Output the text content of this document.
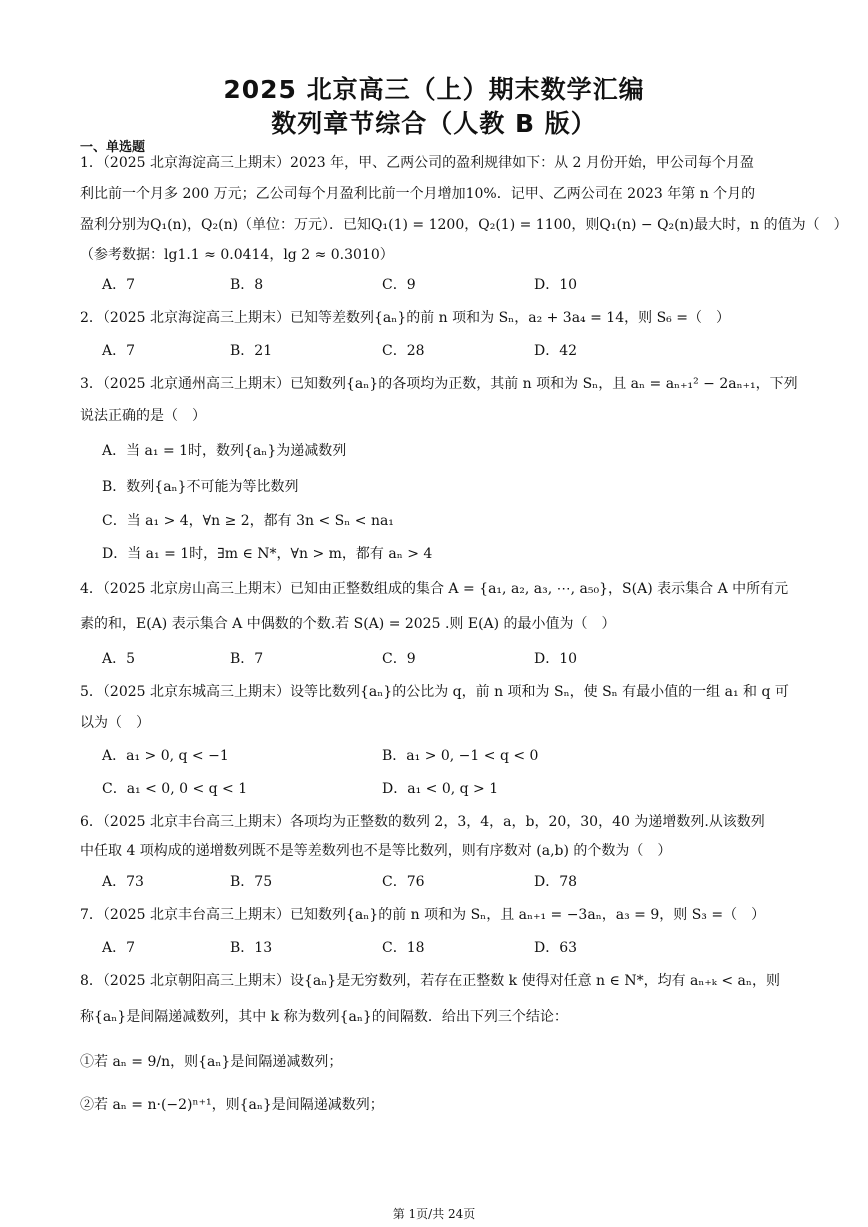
2025 北京高三（上）期末数学汇编
数列章节综合（人教 B 版）
一、单选题
1．（2025 北京海淀高三上期末）2023 年，甲、乙两公司的盈利规律如下：从 2 月份开始，甲公司每个月盈
利比前一个月多 200 万元；乙公司每个月盈利比前一个月增加10%．记甲、乙两公司在 2023 年第 n 个月的
盈利分别为Q₁(n)，Q₂(n)（单位：万元）．已知Q₁(1) = 1200，Q₂(1) = 1100，则Q₁(n) − Q₂(n)最大时，n 的值为（　）
（参考数据：lg1.1 ≈ 0.0414，lg 2 ≈ 0.3010）
A．7	B．8	C．9	D．10
2．（2025 北京海淀高三上期末）已知等差数列{aₙ}的前 n 项和为 Sₙ，a₂ + 3a₄ = 14，则 S₆ =（　）
A．7	B．21	C．28	D．42
3．（2025 北京通州高三上期末）已知数列{aₙ}的各项均为正数，其前 n 项和为 Sₙ，且 aₙ = aₙ₊₁² − 2aₙ₊₁，下列
说法正确的是（　）
A．当 a₁ = 1时，数列{aₙ}为递减数列
B．数列{aₙ}不可能为等比数列
C．当 a₁ > 4，∀n ≥ 2，都有 3n < Sₙ < na₁
D．当 a₁ = 1时，∃m ∈ N*，∀n > m，都有 aₙ > 4
4．（2025 北京房山高三上期末）已知由正整数组成的集合 A = {a₁, a₂, a₃, ⋯, a₅₀}，S(A) 表示集合 A 中所有元
素的和，E(A) 表示集合 A 中偶数的个数.若 S(A) = 2025 .则 E(A) 的最小值为（　）
A．5	B．7	C．9	D．10
5．（2025 北京东城高三上期末）设等比数列{aₙ}的公比为 q，前 n 项和为 Sₙ，使 Sₙ 有最小值的一组 a₁ 和 q 可
以为（　）
A．a₁ > 0, q < −1	B．a₁ > 0, −1 < q < 0
C．a₁ < 0, 0 < q < 1	D．a₁ < 0, q > 1
6．（2025 北京丰台高三上期末）各项均为正整数的数列 2，3，4，a，b，20，30，40 为递增数列.从该数列
中任取 4 项构成的递增数列既不是等差数列也不是等比数列，则有序数对 (a,b) 的个数为（　）
A．73	B．75	C．76	D．78
7．（2025 北京丰台高三上期末）已知数列{aₙ}的前 n 项和为 Sₙ，且 aₙ₊₁ = −3aₙ，a₃ = 9，则 S₃ =（　）
A．7	B．13	C．18	D．63
8．（2025 北京朝阳高三上期末）设{aₙ}是无穷数列，若存在正整数 k 使得对任意 n ∈ N*，均有 aₙ₊ₖ < aₙ，则
称{aₙ}是间隔递减数列，其中 k 称为数列{aₙ}的间隔数．给出下列三个结论：
①若 aₙ = 9/n，则{aₙ}是间隔递减数列；
②若 aₙ = n·(−2)ⁿ⁺¹，则{aₙ}是间隔递减数列；
第 1页/共 24页
